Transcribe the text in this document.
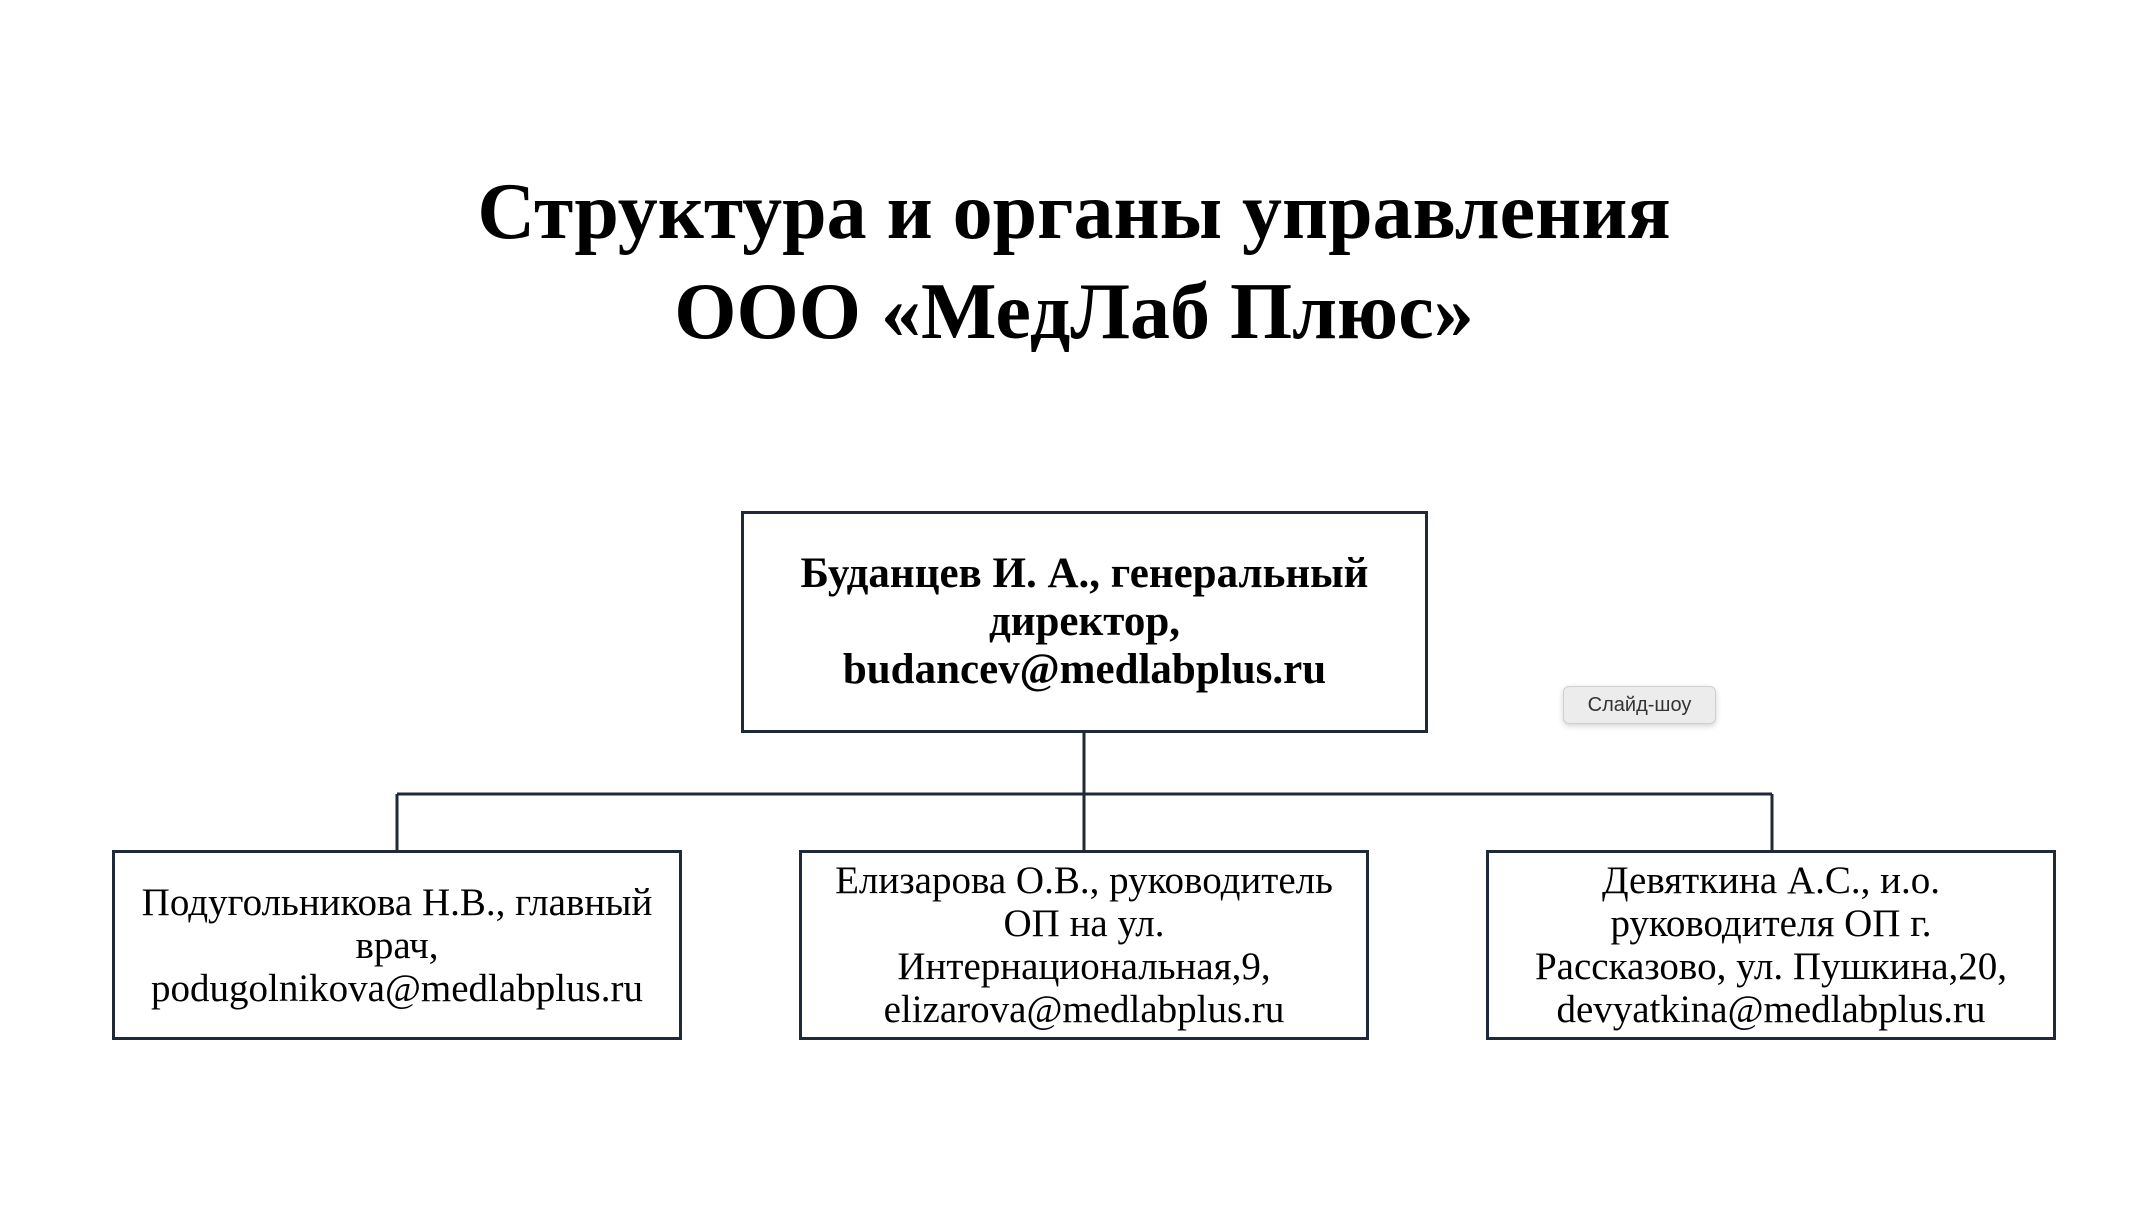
Структура и органы управления
ООО «МедЛаб Плюс»
Буданцев И. А., генеральный
директор,
budancev@medlabplus.ru
Подугольникова Н.В., главный
врач,
podugolnikova@medlabplus.ru
Елизарова О.В., руководитель
ОП на ул.
Интернациональная,9,
elizarova@medlabplus.ru
Девяткина А.С., и.о.
руководителя ОП г.
Рассказово, ул. Пушкина,20,
devyatkina@medlabplus.ru
Слайд-шоу
